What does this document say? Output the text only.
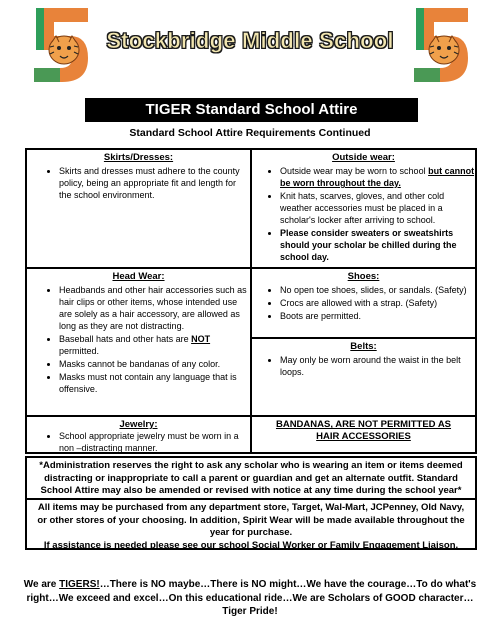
Stockbridge Middle School
TIGER Standard School Attire
Standard School Attire Requirements Continued
Skirts/Dresses:
• Skirts and dresses must adhere to the county policy, being an appropriate fit and length for the school environment.
Outside wear:
• Outside wear may be worn to school but cannot be worn throughout the day.
• Knit hats, scarves, gloves, and other cold weather accessories must be placed in a scholar's locker after arriving to school.
• Please consider sweaters or sweatshirts should your scholar be chilled during the school day.
Head Wear:
• Headbands and other hair accessories such as hair clips or other items, whose intended use are solely as a hair accessory, are allowed as long as they are not distracting.
• Baseball hats and other hats are NOT permitted.
• Masks cannot be bandanas of any color.
• Masks must not contain any language that is offensive.
Shoes:
• No open toe shoes, slides, or sandals. (Safety)
• Crocs are allowed with a strap. (Safety)
• Boots are permitted.
Belts:
• May only be worn around the waist in the belt loops.
Jewelry:
• School appropriate jewelry must be worn in a non –distracting manner.
BANDANAS, ARE NOT PERMITTED AS HAIR ACCESSORIES
*Administration reserves the right to ask any scholar who is wearing an item or items deemed distracting or inappropriate to call a parent or guardian and get an alternate outfit. Standard School Attire may also be amended or revised with notice at any time during the school year*
All items may be purchased from any department store, Target, Wal-Mart, JCPenney, Old Navy, or other stores of your choosing. In addition, Spirit Wear will be made available throughout the year for purchase.
If assistance is needed please see our school Social Worker or Family Engagement Liaison.
We are TIGERS!…There is NO maybe…There is NO might…We have the courage…To do what's right…We exceed and excel…On this educational ride…We are Scholars of GOOD character…Tiger Pride!
